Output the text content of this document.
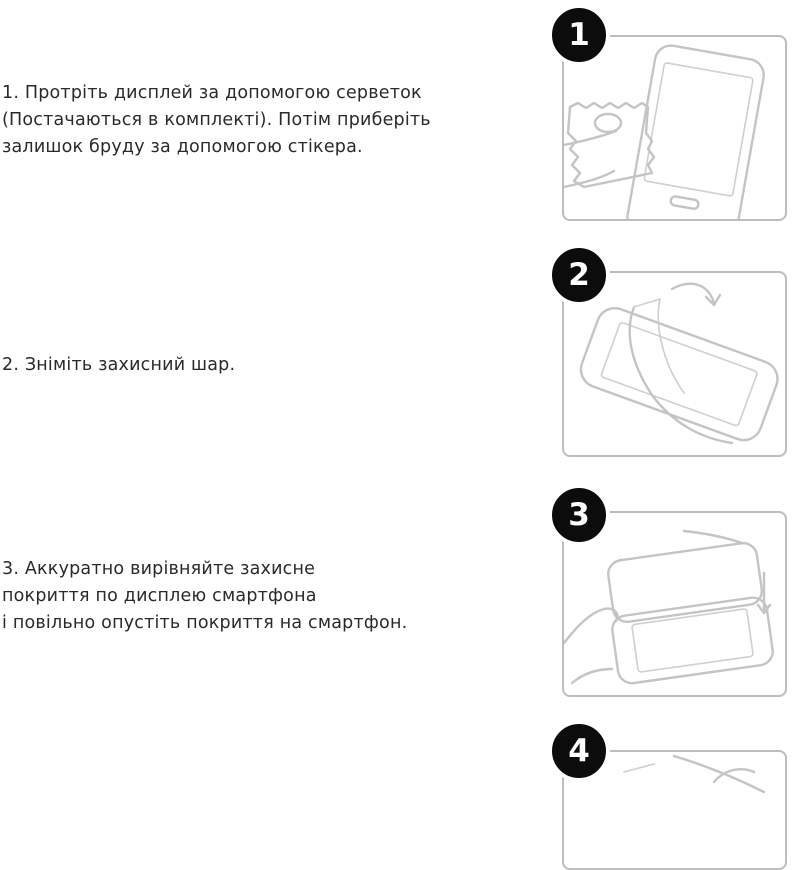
1. Протріть дисплей за допомогою серветок
(Постачаються в комплекті). Потім приберіть
залишок бруду за допомогою стікера.
1
2. Зніміть захисний шар.
2
3. Аккуратно вирівняйте захисне
покриття по дисплею смартфона
і повільно опустіть покриття на смартфон.
3
4
